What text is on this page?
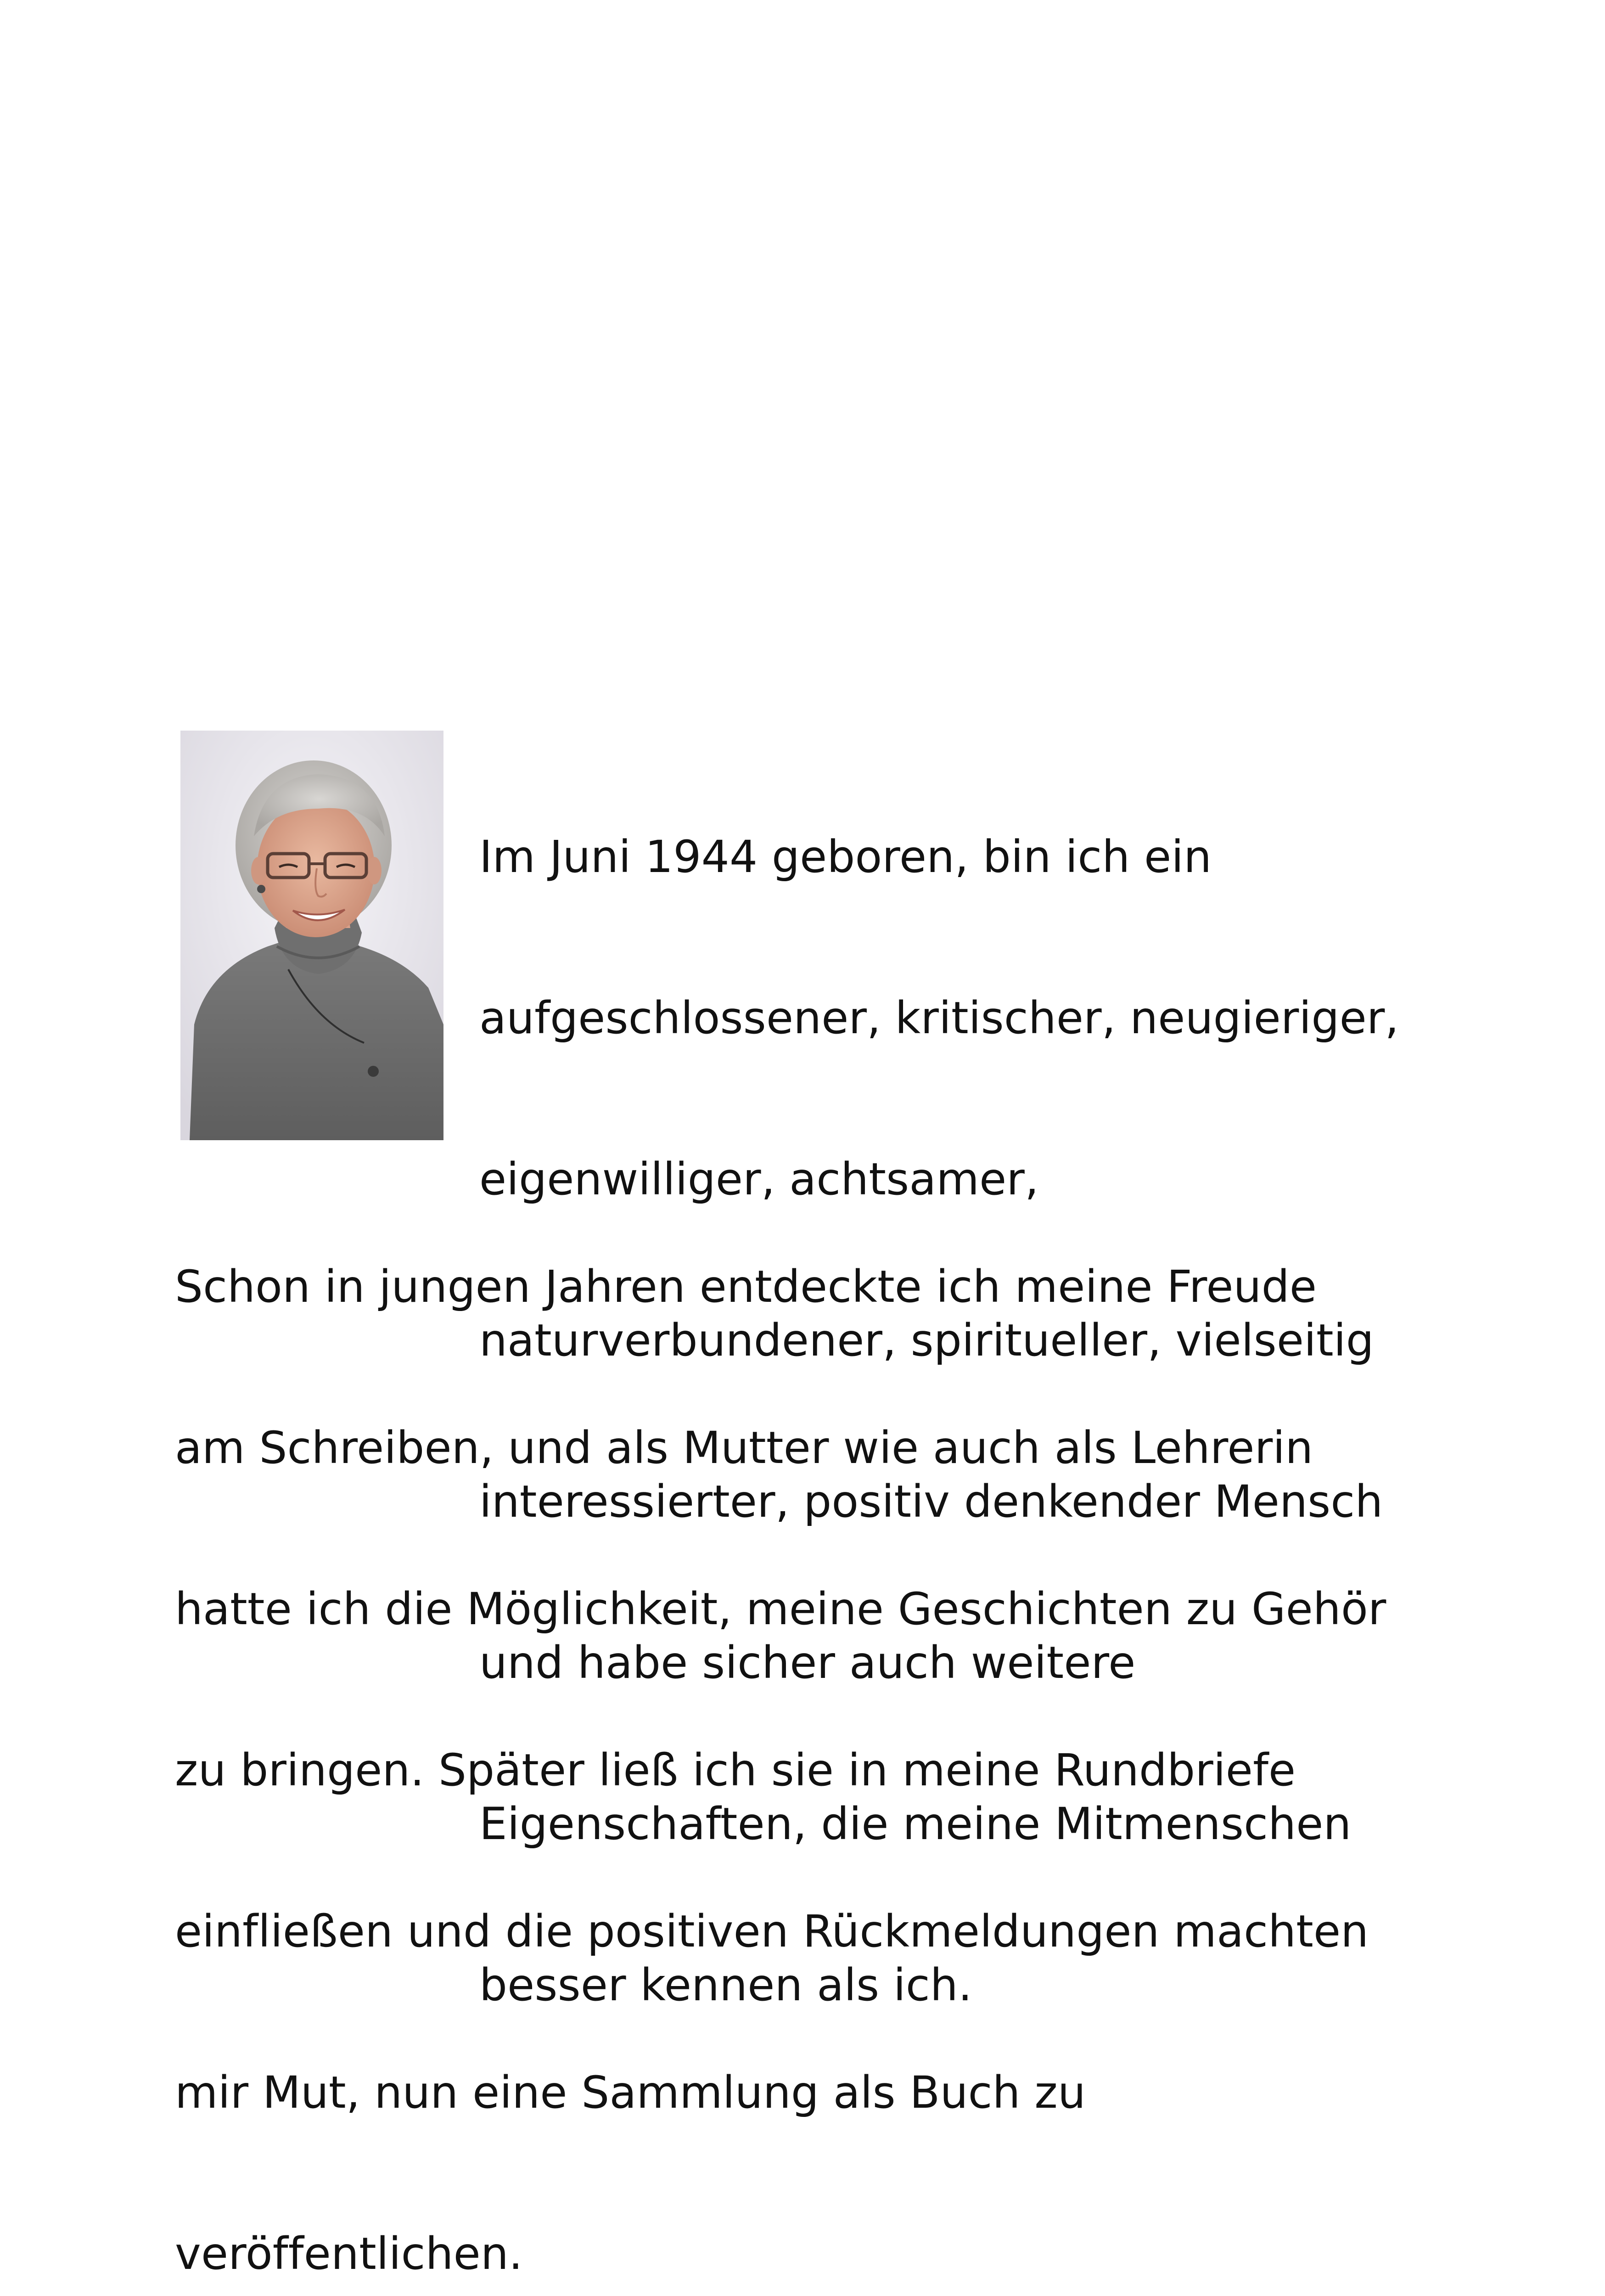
Im Juni 1944 geboren, bin ich ein

aufgeschlossener, kritischer, neugieriger,

eigenwilliger, achtsamer,

naturverbundener, spiritueller, vielseitig

interessierter, positiv denkender Mensch

und habe sicher auch weitere

Eigenschaften, die meine Mitmenschen

besser kennen als ich.

Schon in jungen Jahren entdeckte ich meine Freude

am Schreiben, und als Mutter wie auch als Lehrerin

hatte ich die Möglichkeit, meine Geschichten zu Gehör

zu bringen. Später ließ ich sie in meine Rundbriefe

einfließen und die positiven Rückmeldungen machten

mir Mut, nun eine Sammlung als Buch zu

veröffentlichen.
